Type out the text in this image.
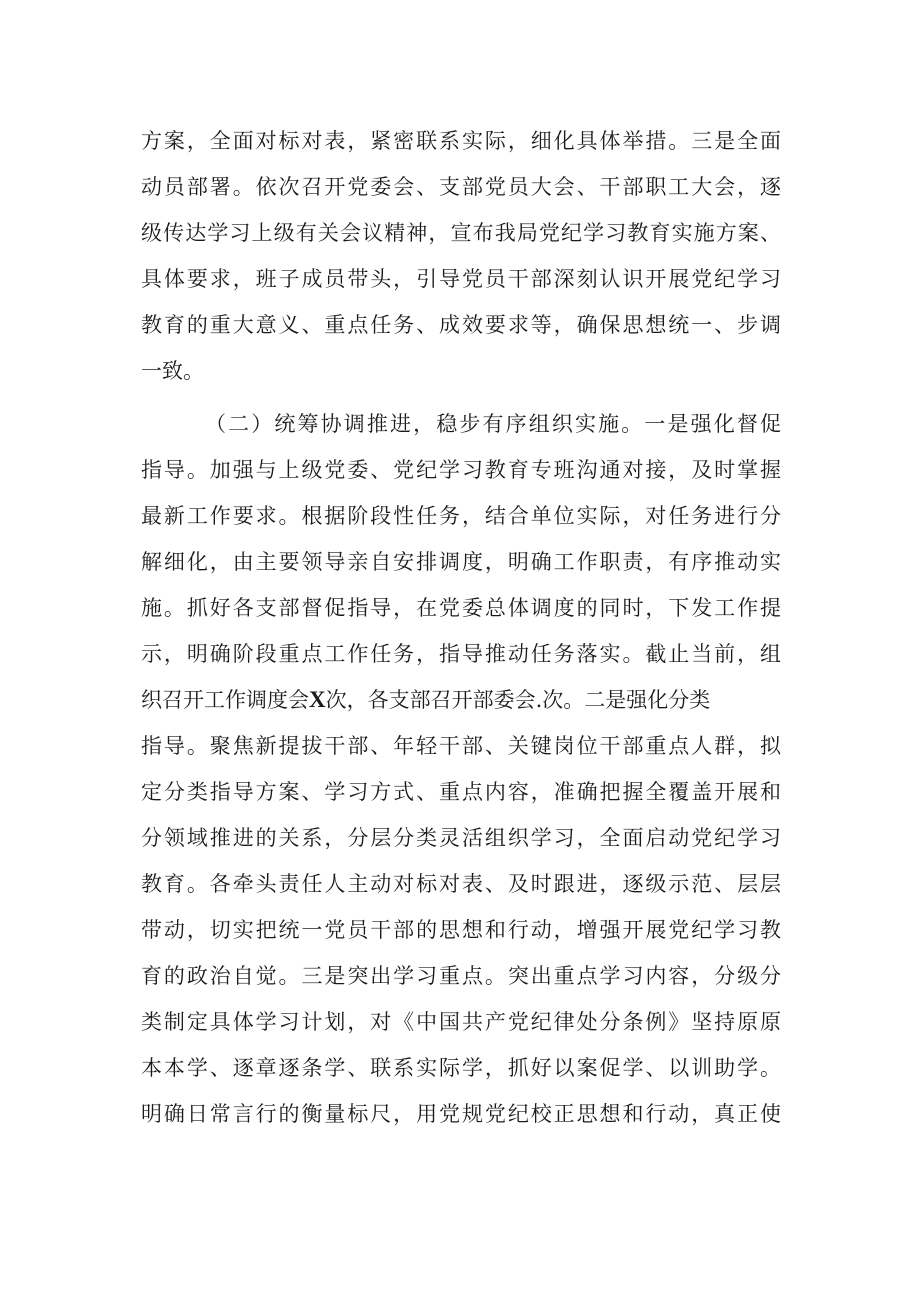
方案，全面对标对表，紧密联系实际，细化具体举措。三是全面
动员部署。依次召开党委会、支部党员大会、干部职工大会，逐
级传达学习上级有关会议精神，宣布我局党纪学习教育实施方案、
具体要求，班子成员带头，引导党员干部深刻认识开展党纪学习
教育的重大意义、重点任务、成效要求等，确保思想统一、步调
一致。
（二）统筹协调推进，稳步有序组织实施。一是强化督促
指导。加强与上级党委、党纪学习教育专班沟通对接，及时掌握
最新工作要求。根据阶段性任务，结合单位实际，对任务进行分
解细化，由主要领导亲自安排调度，明确工作职责，有序推动实
施。抓好各支部督促指导，在党委总体调度的同时，下发工作提
示，明确阶段重点工作任务，指导推动任务落实。截止当前，组
织召开工作调度会X次，各支部召开部委会.次。二是强化分类
指导。聚焦新提拔干部、年轻干部、关键岗位干部重点人群，拟
定分类指导方案、学习方式、重点内容，准确把握全覆盖开展和
分领域推进的关系，分层分类灵活组织学习，全面启动党纪学习
教育。各牵头责任人主动对标对表、及时跟进，逐级示范、层层
带动，切实把统一党员干部的思想和行动，增强开展党纪学习教
育的政治自觉。三是突出学习重点。突出重点学习内容，分级分
类制定具体学习计划，对《中国共产党纪律处分条例》坚持原原
本本学、逐章逐条学、联系实际学，抓好以案促学、以训助学。
明确日常言行的衡量标尺，用党规党纪校正思想和行动，真正使
